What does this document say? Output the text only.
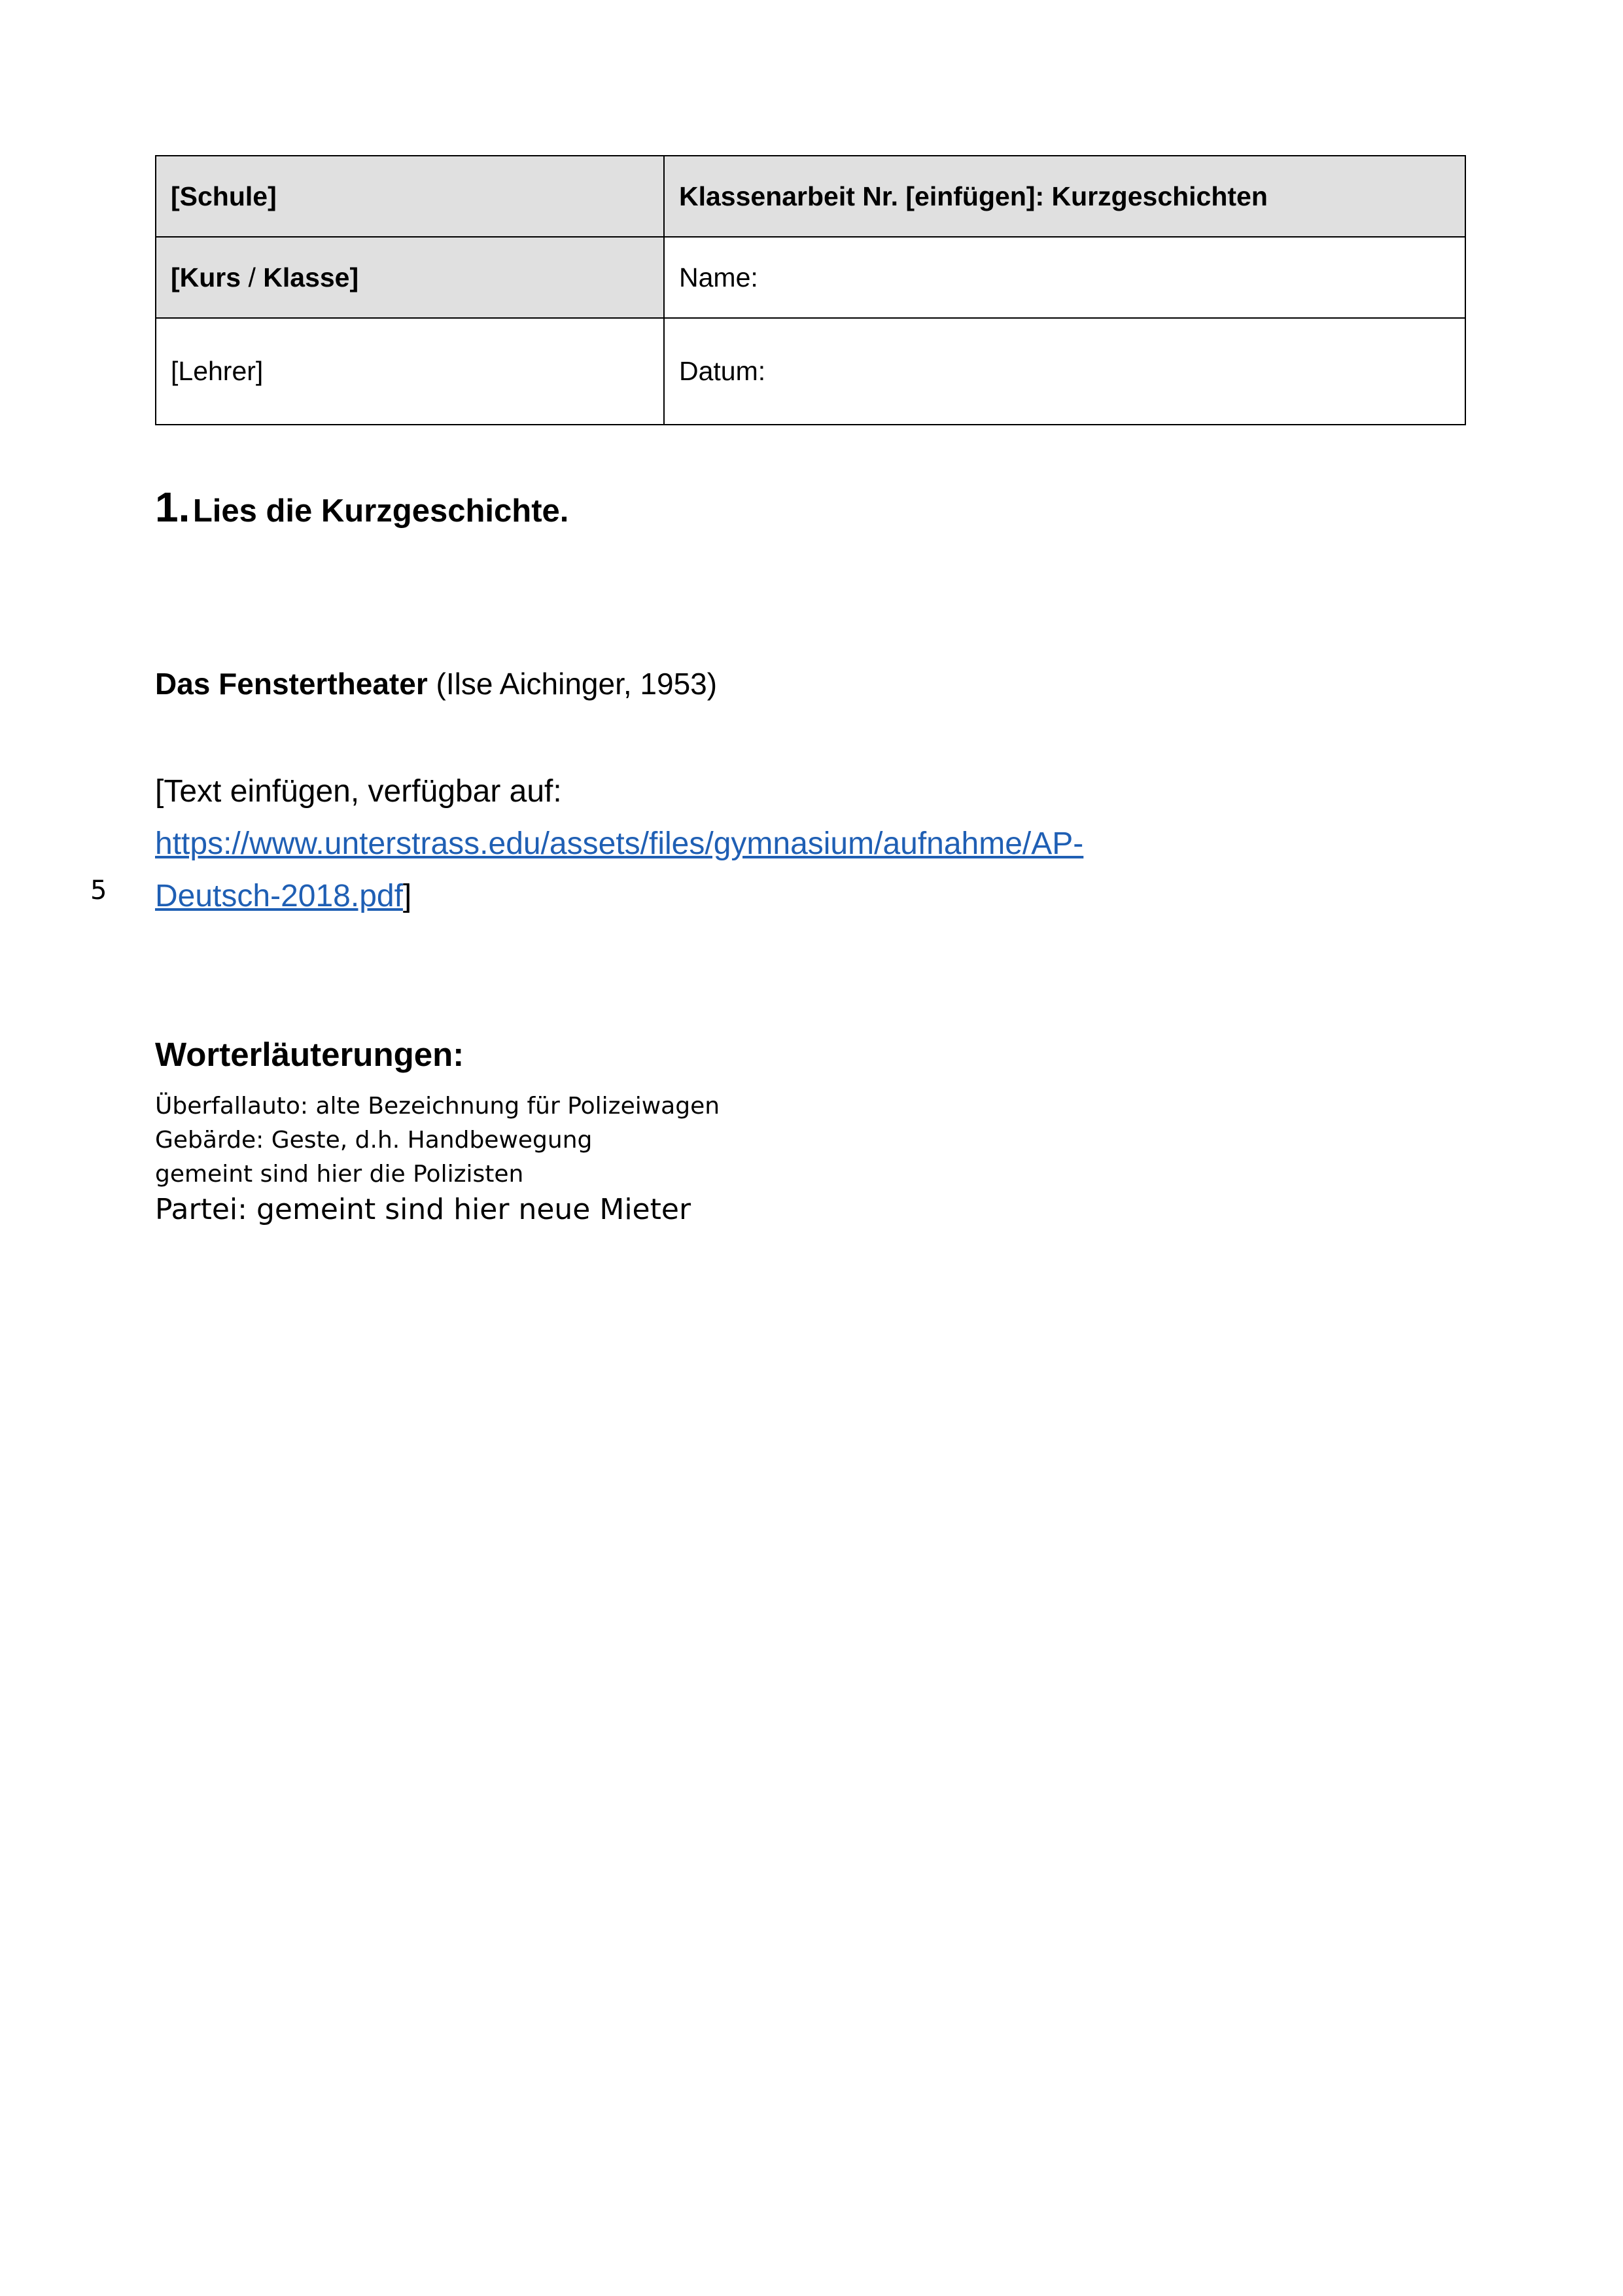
[Schule]	Klassenarbeit Nr. [einfügen]: Kurzgeschichten
[Kurs / Klasse]	Name:
[Lehrer]	Datum:
1. Lies die Kurzgeschichte.
Das Fenstertheater (Ilse Aichinger, 1953)
[Text einfügen, verfügbar auf: https://www.unterstrass.edu/assets/files/gymnasium/aufnahme/AP-
Deutsch-2018.pdf]
5
Worterläuterungen:
Überfallauto: alte Bezeichnung für Polizeiwagen
Gebärde: Geste, d.h. Handbewegung
gemeint sind hier die Polizisten
Partei: gemeint sind hier neue Mieter
